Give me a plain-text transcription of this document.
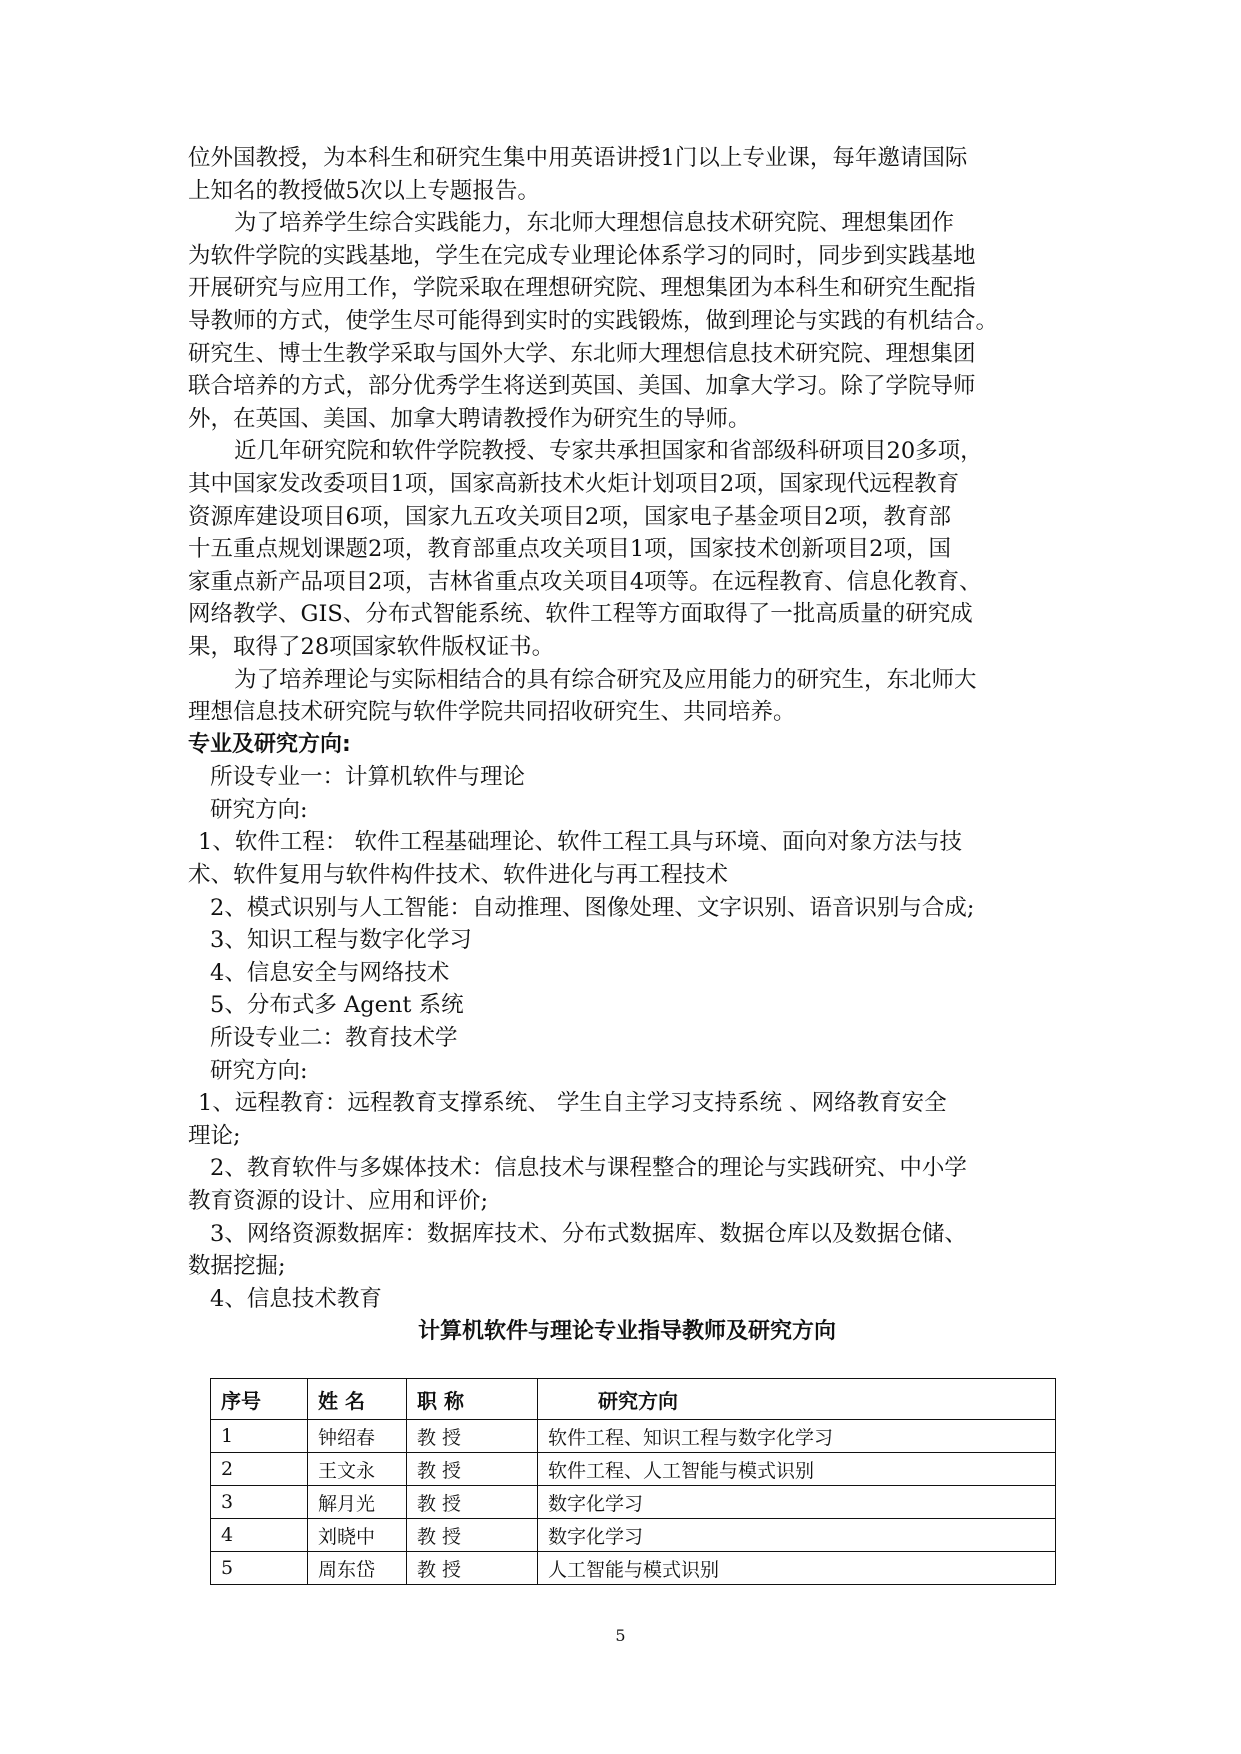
位外国教授，为本科生和研究生集中用英语讲授1门以上专业课，每年邀请国际
上知名的教授做5次以上专题报告。
为了培养学生综合实践能力，东北师大理想信息技术研究院、理想集团作
为软件学院的实践基地，学生在完成专业理论体系学习的同时，同步到实践基地
开展研究与应用工作，学院采取在理想研究院、理想集团为本科生和研究生配指
导教师的方式，使学生尽可能得到实时的实践锻炼，做到理论与实践的有机结合。
研究生、博士生教学采取与国外大学、东北师大理想信息技术研究院、理想集团
联合培养的方式，部分优秀学生将送到英国、美国、加拿大学习。除了学院导师
外，在英国、美国、加拿大聘请教授作为研究生的导师。
近几年研究院和软件学院教授、专家共承担国家和省部级科研项目20多项，
其中国家发改委项目1项，国家高新技术火炬计划项目2项，国家现代远程教育
资源库建设项目6项，国家九五攻关项目2项，国家电子基金项目2项，教育部
十五重点规划课题2项，教育部重点攻关项目1项，国家技术创新项目2项，国
家重点新产品项目2项，吉林省重点攻关项目4项等。在远程教育、信息化教育、
网络教学、GIS、分布式智能系统、软件工程等方面取得了一批高质量的研究成
果，取得了28项国家软件版权证书。
为了培养理论与实际相结合的具有综合研究及应用能力的研究生，东北师大
理想信息技术研究院与软件学院共同招收研究生、共同培养。
专业及研究方向:
所设专业一：计算机软件与理论
研究方向:
1、软件工程： 软件工程基础理论、软件工程工具与环境、面向对象方法与技
术、软件复用与软件构件技术、软件进化与再工程技术
2、模式识别与人工智能：自动推理、图像处理、文字识别、语音识别与合成;
3、知识工程与数字化学习
4、信息安全与网络技术
5、分布式多 Agent 系统
所设专业二：教育技术学
研究方向:
1、远程教育：远程教育支撑系统、 学生自主学习支持系统 、网络教育安全
理论;
2、教育软件与多媒体技术：信息技术与课程整合的理论与实践研究、中小学
教育资源的设计、应用和评价;
3、网络资源数据库：数据库技术、分布式数据库、数据仓库以及数据仓储、
数据挖掘;
4、信息技术教育
计算机软件与理论专业指导教师及研究方向
序号	姓 名	职 称	研究方向
1	钟绍春	教 授	软件工程、知识工程与数字化学习
2	王文永	教 授	软件工程、人工智能与模式识别
3	解月光	教 授	数字化学习
4	刘晓中	教 授	数字化学习
5	周东岱	教 授	人工智能与模式识别
5
